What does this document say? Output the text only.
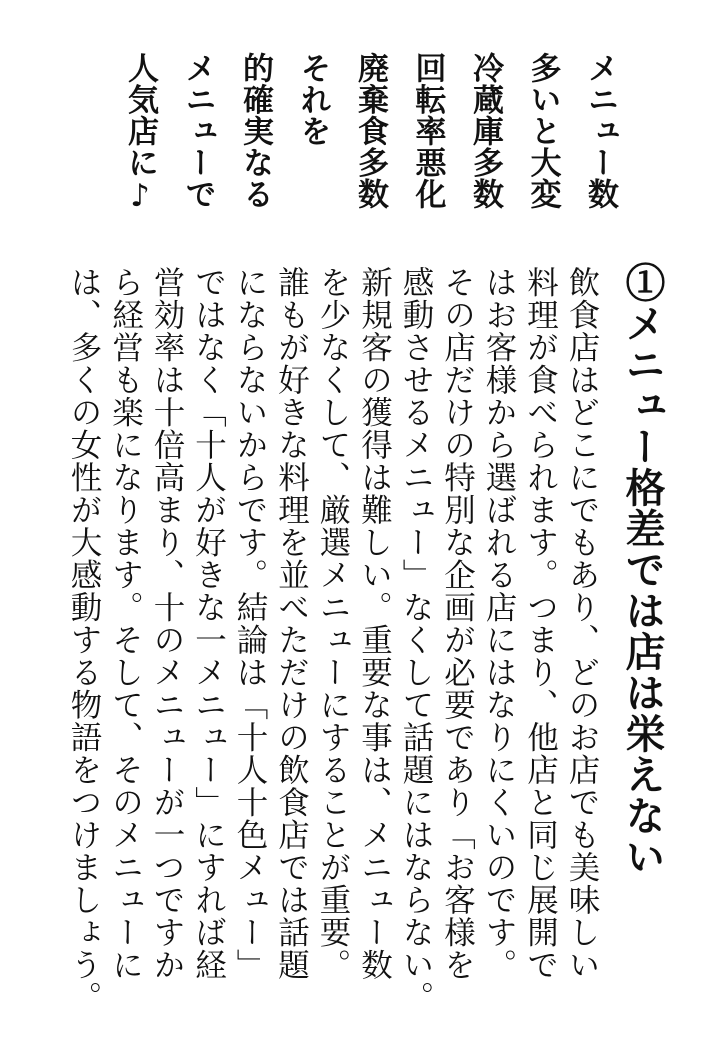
メニュー数
多いと大変
冷蔵庫多数
回転率悪化
廃棄食多数
それを
的確実なる
メニューで
人気店に♪
①メニュー格差では店は栄えない
飲食店はどこにでもあり、どのお店でも美味しい
料理が食べられます。つまり、他店と同じ展開で
はお客様から選ばれる店にはなりにくいのです。
その店だけの特別な企画が必要であり「お客様を
感動させるメニュー」なくして話題にはならない。
新規客の獲得は難しい。重要な事は、メニュー数
を少なくして、厳選メニューにすることが重要。
誰もが好きな料理を並べただけの飲食店では話題
にならないからです。結論は「十人十色メュー」
ではなく「十人が好きな一メニュー」にすれば経
営効率は十倍高まり、十のメニューが一つですか
ら経営も楽になります。そして、そのメニューに
は、多くの女性が大感動する物語をつけましょう。
